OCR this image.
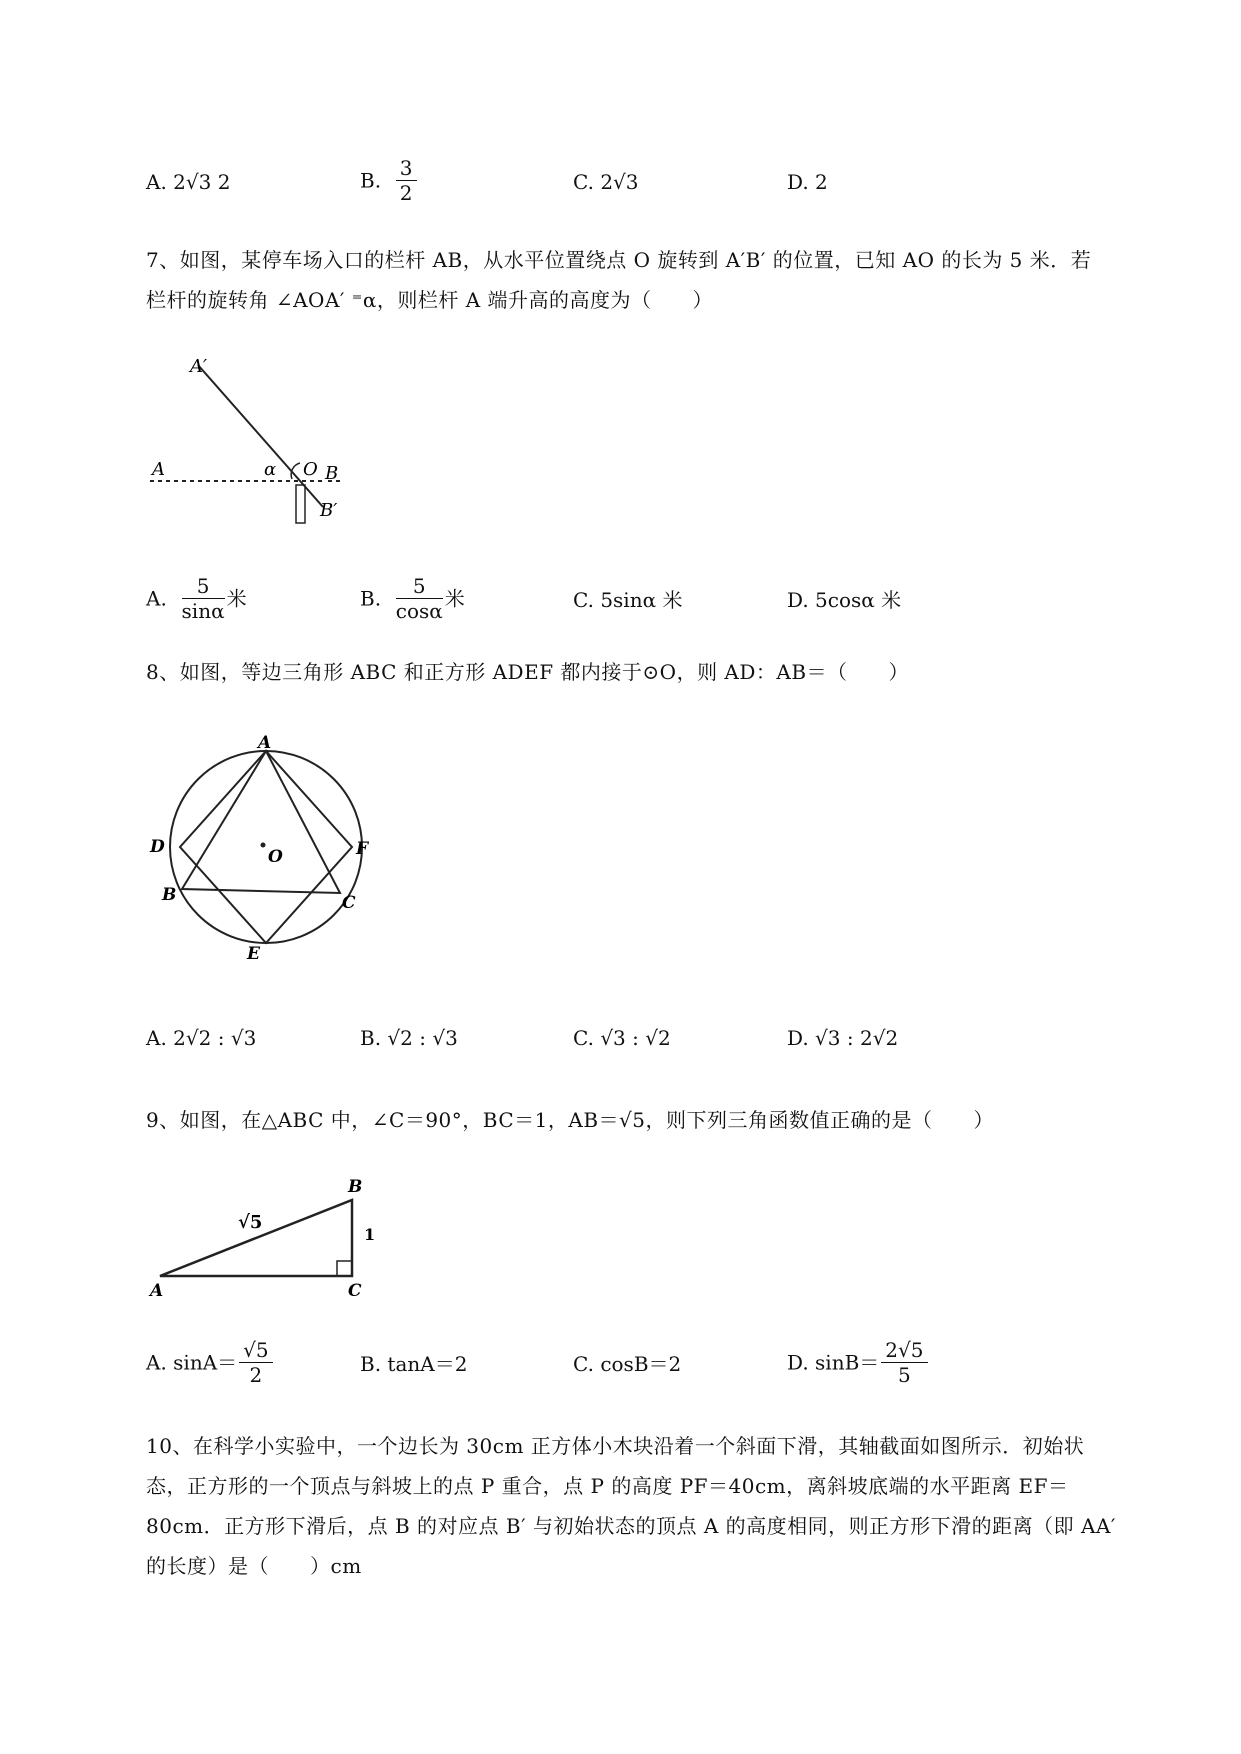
A. 2√3 2	B. $\frac{3}{2}$	C. 2√3	D. 2
7、如图，某停车场入口的栏杆 AB，从水平位置绕点 O 旋转到 A′B′ 的位置，已知 AO 的长为 5 米．若
栏杆的旋转角 ∠AOA′ ⁼α，则栏杆 A 端升高的高度为（　　）
A′
A	α O B
B′
A. $\frac{5}{\sin\alpha}$ 米	B. $\frac{5}{\cos\alpha}$ 米	C. 5sinα 米	D. 5cosα 米
8、如图，等边三角形 ABC 和正方形 ADEF 都内接于⊙O，则 AD：AB＝（　　）
A
D	F
O
B	C
E
A. 2√2 : √3	B. √2 : √3	C. √3 : √2	D. √3 : 2√2
9、如图，在△ABC 中，∠C＝90°，BC＝1，AB＝√5，则下列三角函数值正确的是（　　）
B
√5
1
A	C
A. $\sin A= \frac{√5}{2}$	B. tanA＝2	C. cosB＝2	D. $\sin B= \frac{2√5}{5}$
10、在科学小实验中，一个边长为 30cm 正方体小木块沿着一个斜面下滑，其轴截面如图所示．初始状
态，正方形的一个顶点与斜坡上的点 P 重合，点 P 的高度 PF＝40cm，离斜坡底端的水平距离 EF＝
80cm．正方形下滑后，点 B 的对应点 B′ 与初始状态的顶点 A 的高度相同，则正方形下滑的距离（即 AA′
的长度）是（　　）cm
